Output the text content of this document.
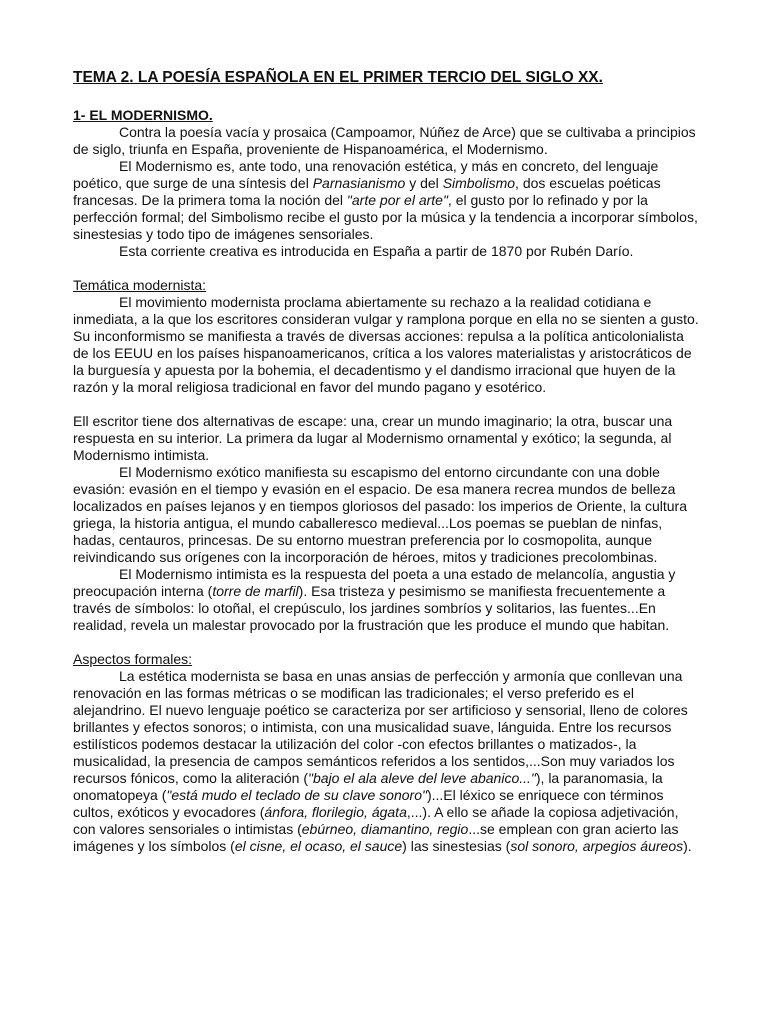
TEMA 2. LA POESÍA ESPAÑOLA EN EL PRIMER TERCIO DEL SIGLO XX.
1- EL MODERNISMO.

Contra la poesía vacía y prosaica (Campoamor, Núñez de Arce) que se cultivaba a principios de siglo, triunfa en España, proveniente de Hispanoamérica, el Modernismo.

El Modernismo es, ante todo, una renovación estética, y más en concreto, del lenguaje poético, que surge de una síntesis del Parnasianismo y del Simbolismo, dos escuelas poéticas francesas. De la primera toma la noción del "arte por el arte", el gusto por lo refinado y por la perfección formal; del Simbolismo recibe el gusto por la música y la tendencia a incorporar símbolos, sinestesias y todo tipo de imágenes sensoriales.

Esta corriente creativa es introducida en España a partir de 1870 por Rubén Darío.

Temática modernista:

El movimiento modernista proclama abiertamente su rechazo a la realidad cotidiana e inmediata, a la que los escritores consideran vulgar y ramplona porque en ella no se sienten a gusto. Su inconformismo se manifiesta a través de diversas acciones: repulsa a la política anticolonialista de los EEUU en los países hispanoamericanos, crítica a los valores materialistas y aristocráticos de la burguesía y apuesta por la bohemia, el decadentismo y el dandismo irracional que huyen de la razón y la moral religiosa tradicional en favor del mundo pagano y esotérico.

Ell escritor tiene dos alternativas de escape: una, crear un mundo imaginario; la otra, buscar una respuesta en su interior. La primera da lugar al Modernismo ornamental y exótico; la segunda, al Modernismo intimista.

El Modernismo exótico manifiesta su escapismo del entorno circundante con una doble evasión: evasión en el tiempo y evasión en el espacio. De esa manera recrea mundos de belleza localizados en países lejanos y en tiempos gloriosos del pasado: los imperios de Oriente, la cultura griega, la historia antigua, el mundo caballeresco medieval...Los poemas se pueblan de ninfas, hadas, centauros, princesas. De su entorno muestran preferencia por lo cosmopolita, aunque reivindicando sus orígenes con la incorporación de héroes, mitos y tradiciones precolombinas.

El Modernismo intimista es la respuesta del poeta a una estado de melancolía, angustia y preocupación interna (torre de marfil). Esa tristeza y pesimismo se manifiesta frecuentemente a través de símbolos: lo otoñal, el crepúsculo, los jardines sombríos y solitarios, las fuentes...En realidad, revela un malestar provocado por la frustración que les produce el mundo que habitan.

Aspectos formales:

La estética modernista se basa en unas ansias de perfección y armonía que conllevan una renovación en las formas métricas o se modifican las tradicionales; el verso preferido es el alejandrino. El nuevo lenguaje poético se caracteriza por ser artificioso y sensorial, lleno de colores brillantes y efectos sonoros; o intimista, con una musicalidad suave, lánguida. Entre los recursos estilísticos podemos destacar la utilización del color -con efectos brillantes o matizados-, la musicalidad, la presencia de campos semánticos referidos a los sentidos,...Son muy variados los recursos fónicos, como la aliteración ("bajo el ala aleve del leve abanico..."), la paranomasia, la onomatopeya ("está mudo el teclado de su clave sonoro")...El léxico se enriquece con términos cultos, exóticos y evocadores (ánfora, florilegio, ágata,...). A ello se añade la copiosa adjetivación, con valores sensoriales o intimistas (ebúrneo, diamantino, regio...se emplean con gran acierto las imágenes y los símbolos (el cisne, el ocaso, el sauce) las sinestesias (sol sonoro, arpegios áureos).
